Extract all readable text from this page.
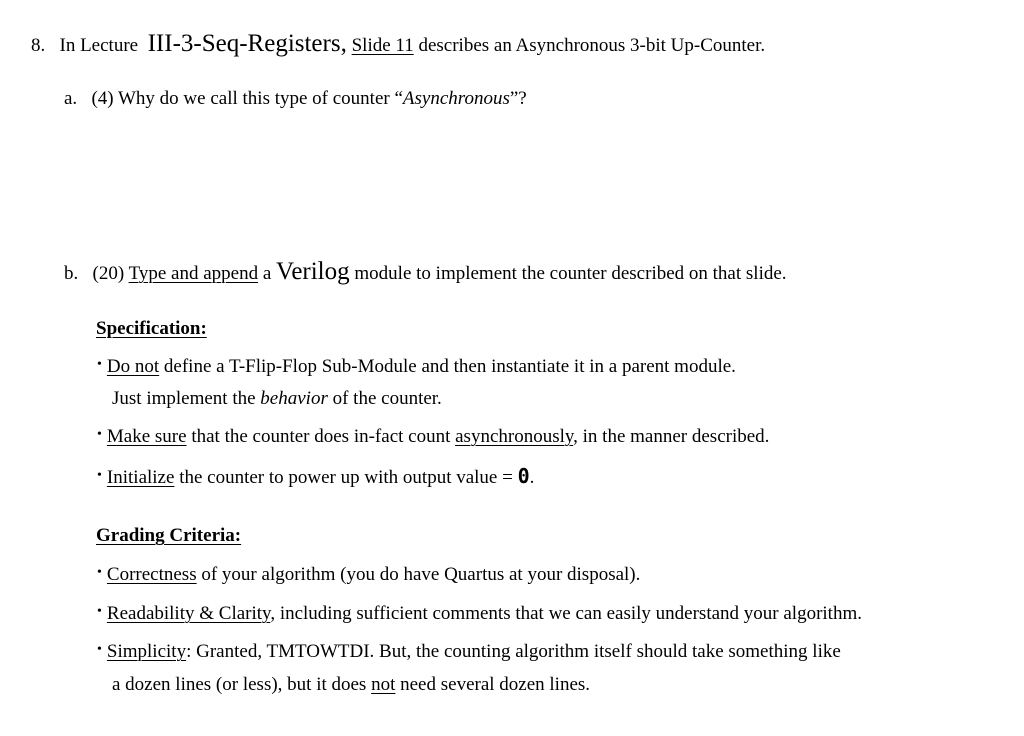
8. In Lecture III-3-Seq-Registers, Slide 11 describes an Asynchronous 3-bit Up-Counter.
a. (4) Why do we call this type of counter “Asynchronous”?
b. (20) Type and append a Verilog module to implement the counter described on that slide.
Specification:
• Do not define a T-Flip-Flop Sub-Module and then instantiate it in a parent module.
Just implement the behavior of the counter.
• Make sure that the counter does in-fact count asynchronously, in the manner described.
• Initialize the counter to power up with output value = 0.
Grading Criteria:
• Correctness of your algorithm (you do have Quartus at your disposal).
• Readability & Clarity, including sufficient comments that we can easily understand your algorithm.
• Simplicity: Granted, TMTOWTDI. But, the counting algorithm itself should take something like
a dozen lines (or less), but it does not need several dozen lines.
